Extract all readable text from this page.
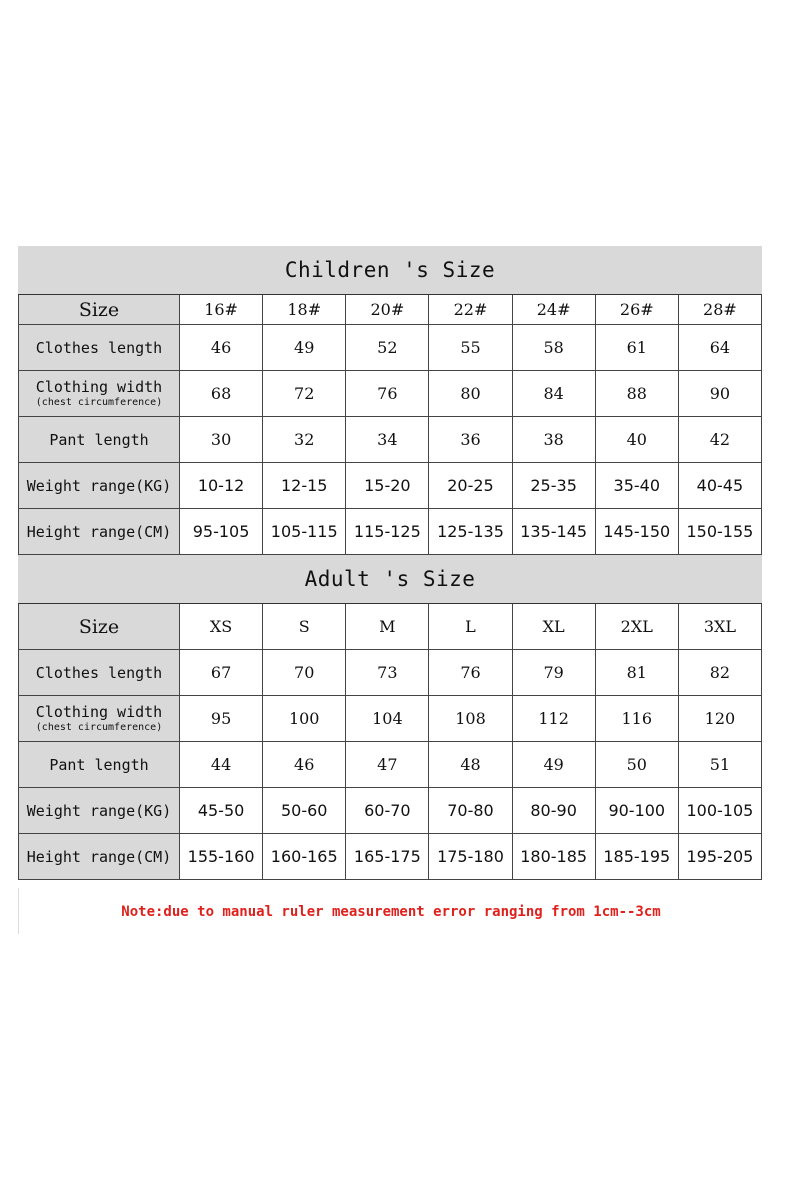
Children 's Size
Size	16#	18#	20#	22#	24#	26#	28#
Clothes length	46	49	52	55	58	61	64
Clothing width
(chest circumference)	68	72	76	80	84	88	90
Pant length	30	32	34	36	38	40	42
Weight range(KG)	10-12	12-15	15-20	20-25	25-35	35-40	40-45
Height range(CM)	95-105	105-115	115-125	125-135	135-145	145-150	150-155
Adult 's Size
Size	XS	S	M	L	XL	2XL	3XL
Clothes length	67	70	73	76	79	81	82
Clothing width
(chest circumference)	95	100	104	108	112	116	120
Pant length	44	46	47	48	49	50	51
Weight range(KG)	45-50	50-60	60-70	70-80	80-90	90-100	100-105
Height range(CM)	155-160	160-165	165-175	175-180	180-185	185-195	195-205
Note:due to manual ruler measurement error ranging from 1cm--3cm
